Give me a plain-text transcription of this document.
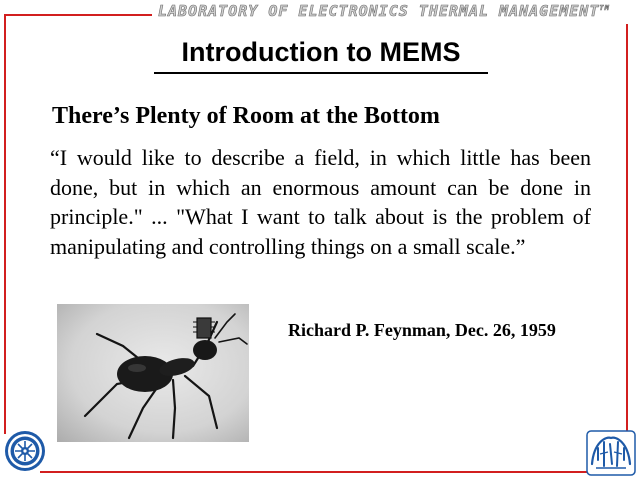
LABORATORY OF ELECTRONICS THERMAL MANAGEMENT™
Introduction to MEMS
There’s Plenty of Room at the Bottom
“I would like to describe a field, in which little has been done, but in which an enormous amount can be done in principle." ... "What I want to talk about is the problem of manipulating and controlling things on a small scale.”
Richard P. Feynman, Dec. 26, 1959
